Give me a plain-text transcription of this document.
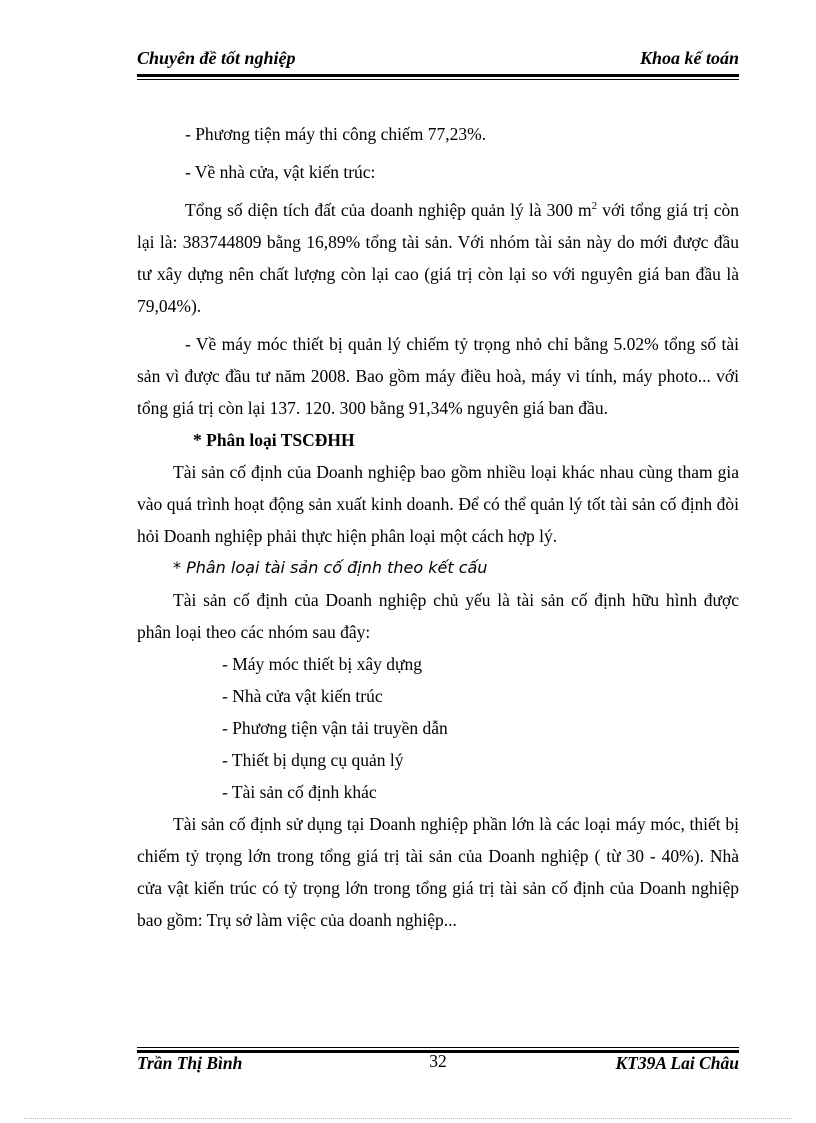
Chuyên đề tốt nghiệp	Khoa kế toán

- Phương tiện máy thi công chiếm 77,23%.

- Về nhà cửa, vật kiến trúc:

Tổng số diện tích đất của doanh nghiệp quản lý là 300 $m^2$ với tổng giá trị còn lại là: 383744809 bằng 16,89% tổng tài sản. Với nhóm tài sản này do mới được đầu tư xây dựng nên chất lượng còn lại cao (giá trị còn lại so với nguyên giá ban đầu là 79,04%).

- Về máy móc thiết bị quản lý chiếm tỷ trọng nhỏ chỉ bằng 5.02% tổng số tài sản vì được đầu tư năm 2008. Bao gồm máy điều hoà, máy vi tính, máy photo... với tổng giá trị còn lại 137. 120. 300 bằng 91,34% nguyên giá ban đầu.

* Phân loại TSCĐHH

Tài sản cố định của Doanh nghiệp bao gồm nhiều loại khác nhau cùng tham gia vào quá trình hoạt động sản xuất kinh doanh. Để có thể quản lý tốt tài sản cố định đòi hỏi Doanh nghiệp phải thực hiện phân loại một cách hợp lý.

* Phân loại tài sản cố định theo kết cấu

Tài sản cố định của Doanh nghiệp chủ yếu là tài sản cố định hữu hình được phân loại theo các nhóm sau đây:

- Máy móc thiết bị xây dựng

- Nhà cửa vật kiến trúc

- Phương tiện vận tải truyền dẫn

- Thiết bị dụng cụ quản lý

- Tài sản cố định khác

Tài sản cố định sử dụng tại Doanh nghiệp phần lớn là các loại máy móc, thiết bị chiếm tỷ trọng lớn trong tổng giá trị tài sản của Doanh nghiệp ( từ 30 - 40%). Nhà cửa vật kiến trúc có tỷ trọng lớn trong tổng giá trị tài sản cố định của Doanh nghiệp bao gồm: Trụ sở làm việc của doanh nghiệp...

Trần Thị Bình	32	KT39A Lai Châu
